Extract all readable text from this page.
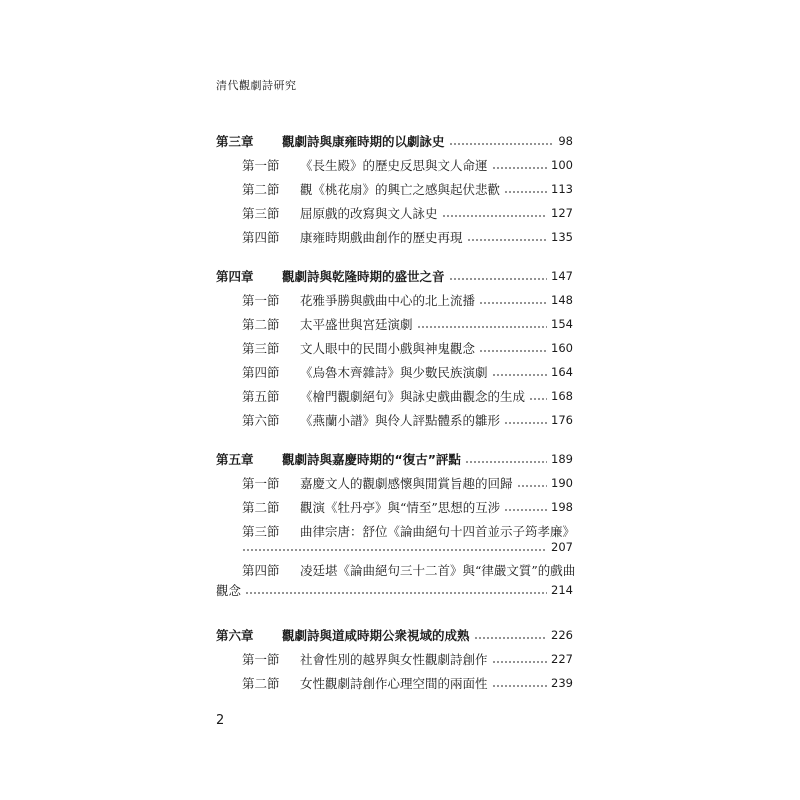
清代觀劇詩研究
第三章	觀劇詩與康雍時期的以劇詠史	98
第一節	《長生殿》的歷史反思與文人命運	100
第二節	觀《桃花扇》的興亡之感與起伏悲歡	113
第三節	屈原戲的改寫與文人詠史	127
第四節	康雍時期戲曲創作的歷史再現	135
第四章	觀劇詩與乾隆時期的盛世之音	147
第一節	花雅爭勝與戲曲中心的北上流播	148
第二節	太平盛世與宮廷演劇	154
第三節	文人眼中的民間小戲與神鬼觀念	160
第四節	《烏魯木齊雜詩》與少數民族演劇	164
第五節	《檜門觀劇絕句》與詠史戲曲觀念的生成 168
第六節	《燕蘭小譜》與伶人評點體系的雛形	176
第五章	觀劇詩與嘉慶時期的“復古”評點	189
第一節	嘉慶文人的觀劇感懷與閒賞旨趣的回歸	190
第二節	觀演《牡丹亭》與“情至”思想的互涉	198
第三節	曲律宗唐：舒位《論曲絕句十四首並示子筠孝廉》
207
第四節	凌廷堪《論曲絕句三十二首》與“律嚴文質”的戲曲
觀念	214
第六章	觀劇詩與道咸時期公衆視域的成熟	226
第一節	社會性別的越界與女性觀劇詩創作	227
第二節	女性觀劇詩創作心理空間的兩面性	239
2
